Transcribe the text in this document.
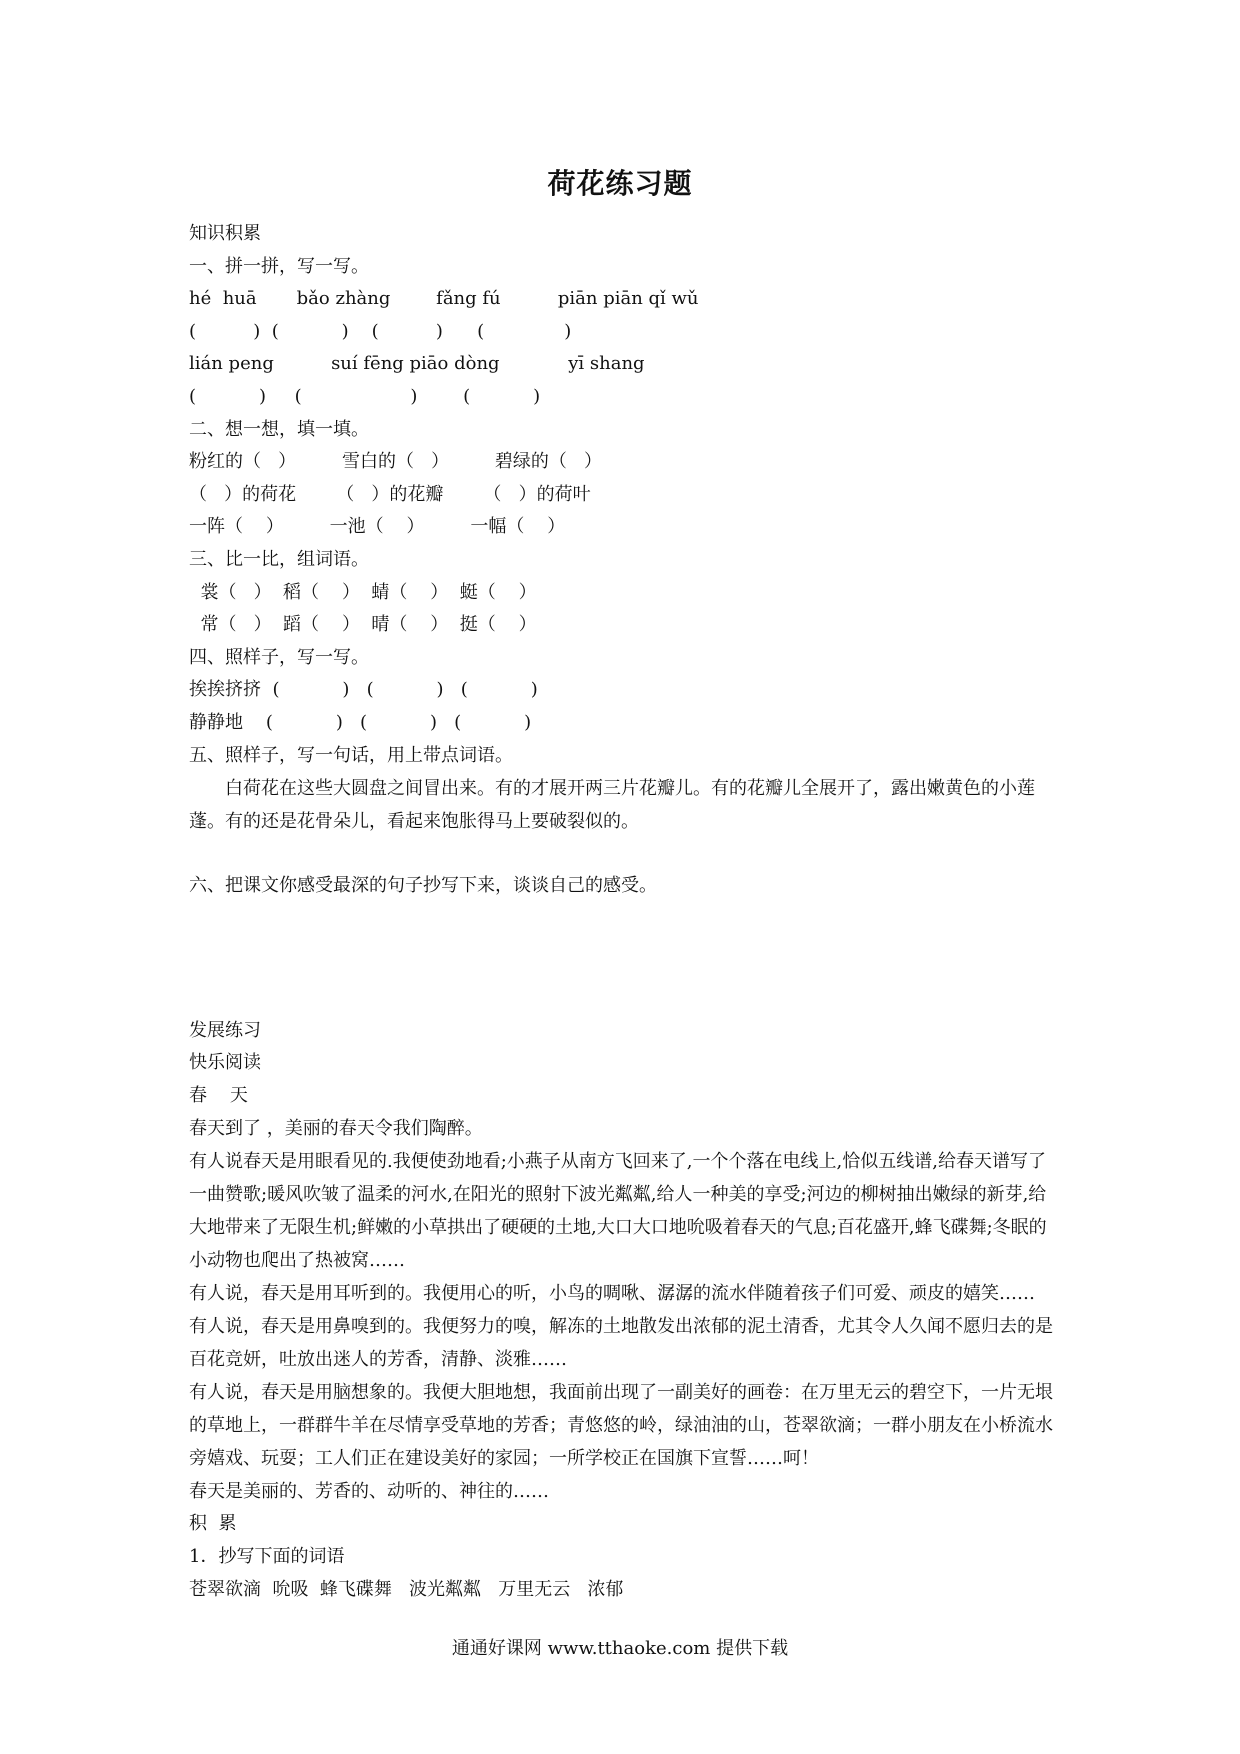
荷花练习题
知识积累
一、拼一拼，写一写。
hé  huā       bǎo zhàng        fǎng fú          piān piān qǐ wǔ
(          )  (           )    (          )      (              )
lián peng          suí fēng piāo dòng            yī shang
(           )     (                   )        (           )
二、想一想，填一填。
粉红的（   ）        雪白的（   ）        碧绿的（   ）
（   ）的荷花       （   ）的花瓣       （   ）的荷叶
一阵（    ）        一池（    ）        一幅（    ）
三、比一比，组词语。
裳（   ）  稻（    ）  蜻（    ）  蜓（    ）
常（   ）  蹈（    ）  晴（    ）  挺（    ）
四、照样子，写一写。
挨挨挤挤  (           )   (           )   (           )
静静地    (           )   (           )   (           )
五、照样子，写一句话，用上带点词语。
白荷花在这些大圆盘之间冒出来。有的才展开两三片花瓣儿。有的花瓣儿全展开了，露出嫩黄色的小莲蓬。有的还是花骨朵儿，看起来饱胀得马上要破裂似的。
六、把课文你感受最深的句子抄写下来，谈谈自己的感受。
发展练习
快乐阅读
春    天
春天到了 ，美丽的春天令我们陶醉。
有人说春天是用眼看见的.我便使劲地看;小燕子从南方飞回来了,一个个落在电线上,恰似五线谱,给春天谱写了一曲赞歌;暖风吹皱了温柔的河水,在阳光的照射下波光粼粼,给人一种美的享受;河边的柳树抽出嫩绿的新芽,给大地带来了无限生机;鲜嫩的小草拱出了硬硬的土地,大口大口地吮吸着春天的气息;百花盛开,蜂飞碟舞;冬眠的小动物也爬出了热被窝……
有人说，春天是用耳听到的。我便用心的听，小鸟的啁啾、潺潺的流水伴随着孩子们可爱、顽皮的嬉笑……
有人说，春天是用鼻嗅到的。我便努力的嗅，解冻的土地散发出浓郁的泥土清香，尤其令人久闻不愿归去的是百花竞妍，吐放出迷人的芳香，清静、淡雅……
有人说，春天是用脑想象的。我便大胆地想，我面前出现了一副美好的画卷：在万里无云的碧空下，一片无垠的草地上，一群群牛羊在尽情享受草地的芳香；青悠悠的岭，绿油油的山，苍翠欲滴；一群小朋友在小桥流水旁嬉戏、玩耍；工人们正在建设美好的家园；一所学校正在国旗下宣誓……呵！
春天是美丽的、芳香的、动听的、神往的……
积  累
1．抄写下面的词语
苍翠欲滴  吮吸  蜂飞碟舞   波光粼粼   万里无云   浓郁
通通好课网 www.tthaoke.com 提供下载
